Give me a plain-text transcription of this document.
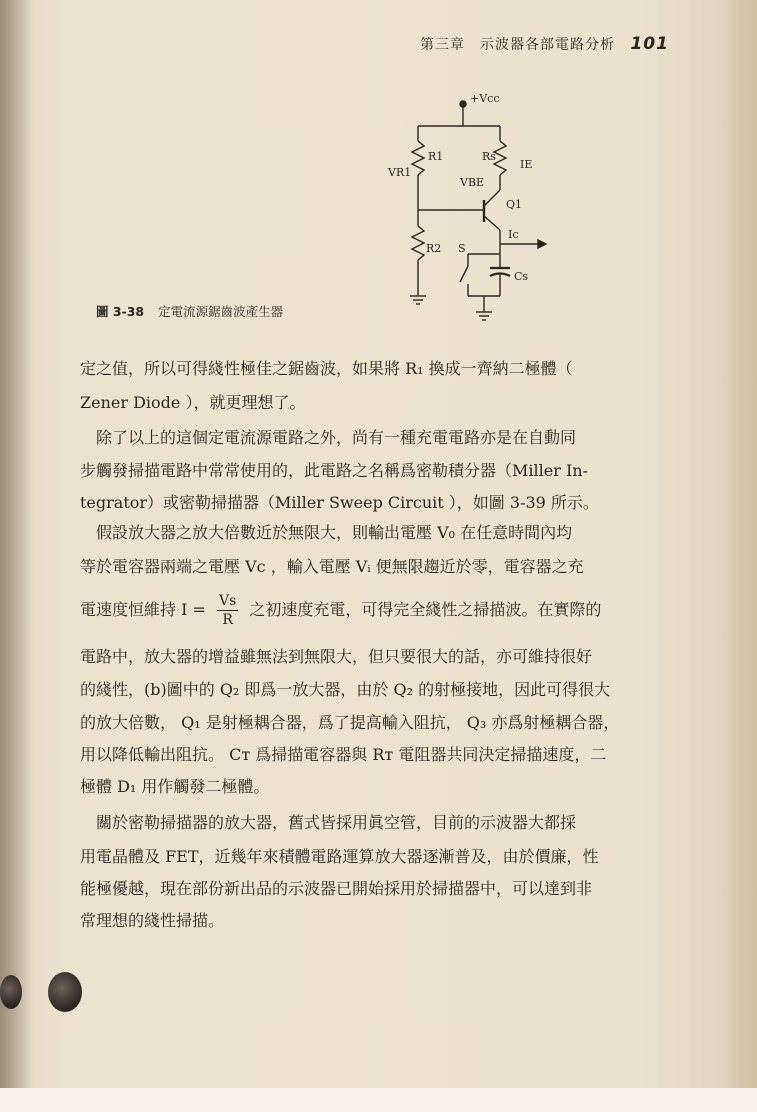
第三章　示波器各部電路分析 101
+Vcc
R1	Rs
IE
VR1
VBE
Q1
Ic
R2 S
Cs
圖 3-38 定電流源鋸齒波產生器
定之值，所以可得綫性極佳之鋸齒波，如果將 R₁ 換成一齊納二極體（
Zener Diode ），就更理想了。
　除了以上的這個定電流源電路之外，尚有一種充電電路亦是在自動同
步觸發掃描電路中常常使用的，此電路之名稱爲密勒積分器（Miller In-
tegrator）或密勒掃描器（Miller Sweep Circuit ），如圖 3-39 所示。
　假設放大器之放大倍數近於無限大，則輸出電壓 V₀ 在任意時間內均
等於電容器兩端之電壓 Vc ，輸入電壓 Vᵢ 便無限趨近於零，電容器之充
電速度恒維持 $I = \frac{Vs}{R}$ 之初速度充電，可得完全綫性之掃描波。在實際的
電路中，放大器的增益雖無法到無限大，但只要很大的話，亦可維持很好
的綫性，(b)圖中的 Q₂ 即爲一放大器，由於 Q₂ 的射極接地，因此可得很大
的放大倍數， Q₁ 是射極耦合器，爲了提高輸入阻抗， Q₃ 亦爲射極耦合器，
用以降低輸出阻抗。 Cт 爲掃描電容器與 Rт 電阻器共同決定掃描速度，二
極體 D₁ 用作觸發二極體。
　關於密勒掃描器的放大器，舊式皆採用眞空管，目前的示波器大都採
用電晶體及 FET，近幾年來積體電路運算放大器逐漸普及，由於價廉，性
能極優越，現在部份新出品的示波器已開始採用於掃描器中，可以達到非
常理想的綫性掃描。
